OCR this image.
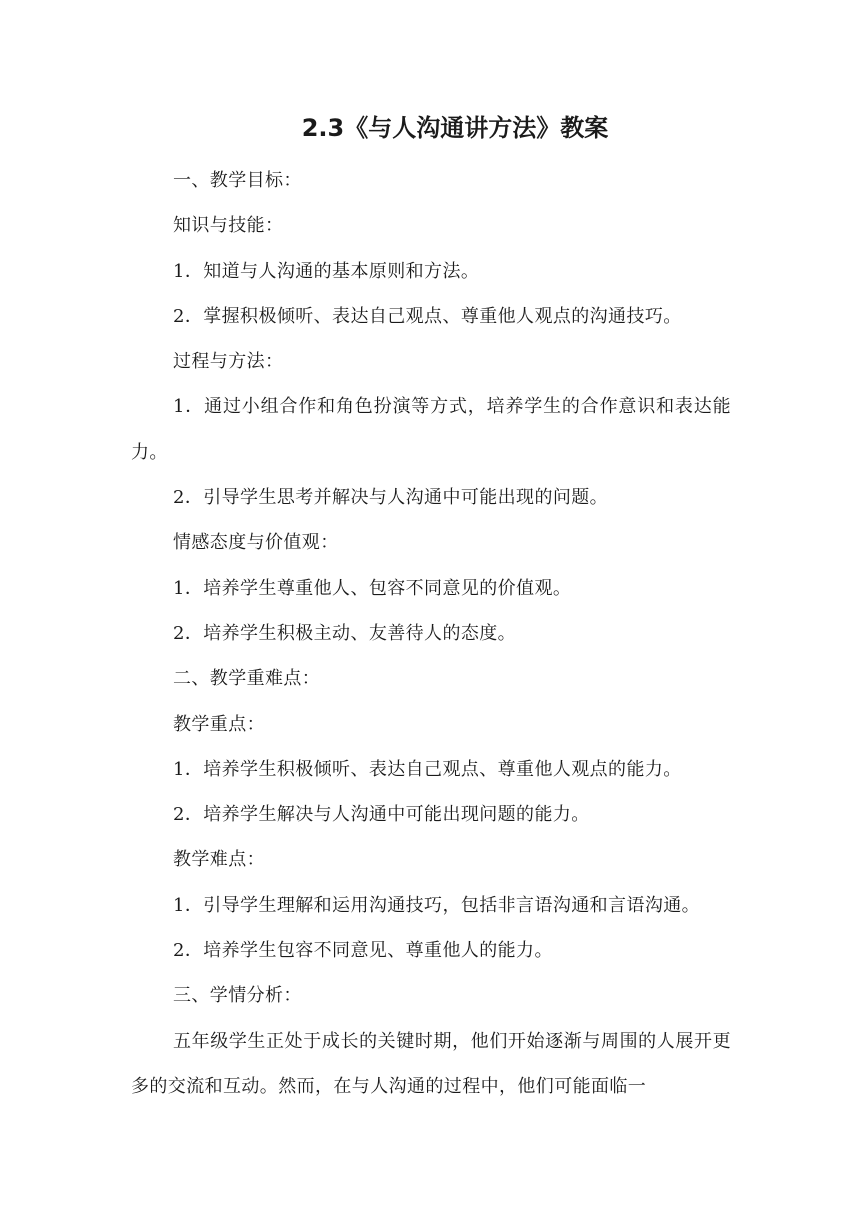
2.3《与人沟通讲方法》教案

一、教学目标：

知识与技能：

1．知道与人沟通的基本原则和方法。

2．掌握积极倾听、表达自己观点、尊重他人观点的沟通技巧。

过程与方法：

1．通过小组合作和角色扮演等方式，培养学生的合作意识和表达能力。

2．引导学生思考并解决与人沟通中可能出现的问题。

情感态度与价值观：

1．培养学生尊重他人、包容不同意见的价值观。

2．培养学生积极主动、友善待人的态度。

二、教学重难点：

教学重点：

1．培养学生积极倾听、表达自己观点、尊重他人观点的能力。

2．培养学生解决与人沟通中可能出现问题的能力。

教学难点：

1．引导学生理解和运用沟通技巧，包括非言语沟通和言语沟通。

2．培养学生包容不同意见、尊重他人的能力。

三、学情分析：

五年级学生正处于成长的关键时期，他们开始逐渐与周围的人展开更多的交流和互动。然而，在与人沟通的过程中，他们可能面临一
